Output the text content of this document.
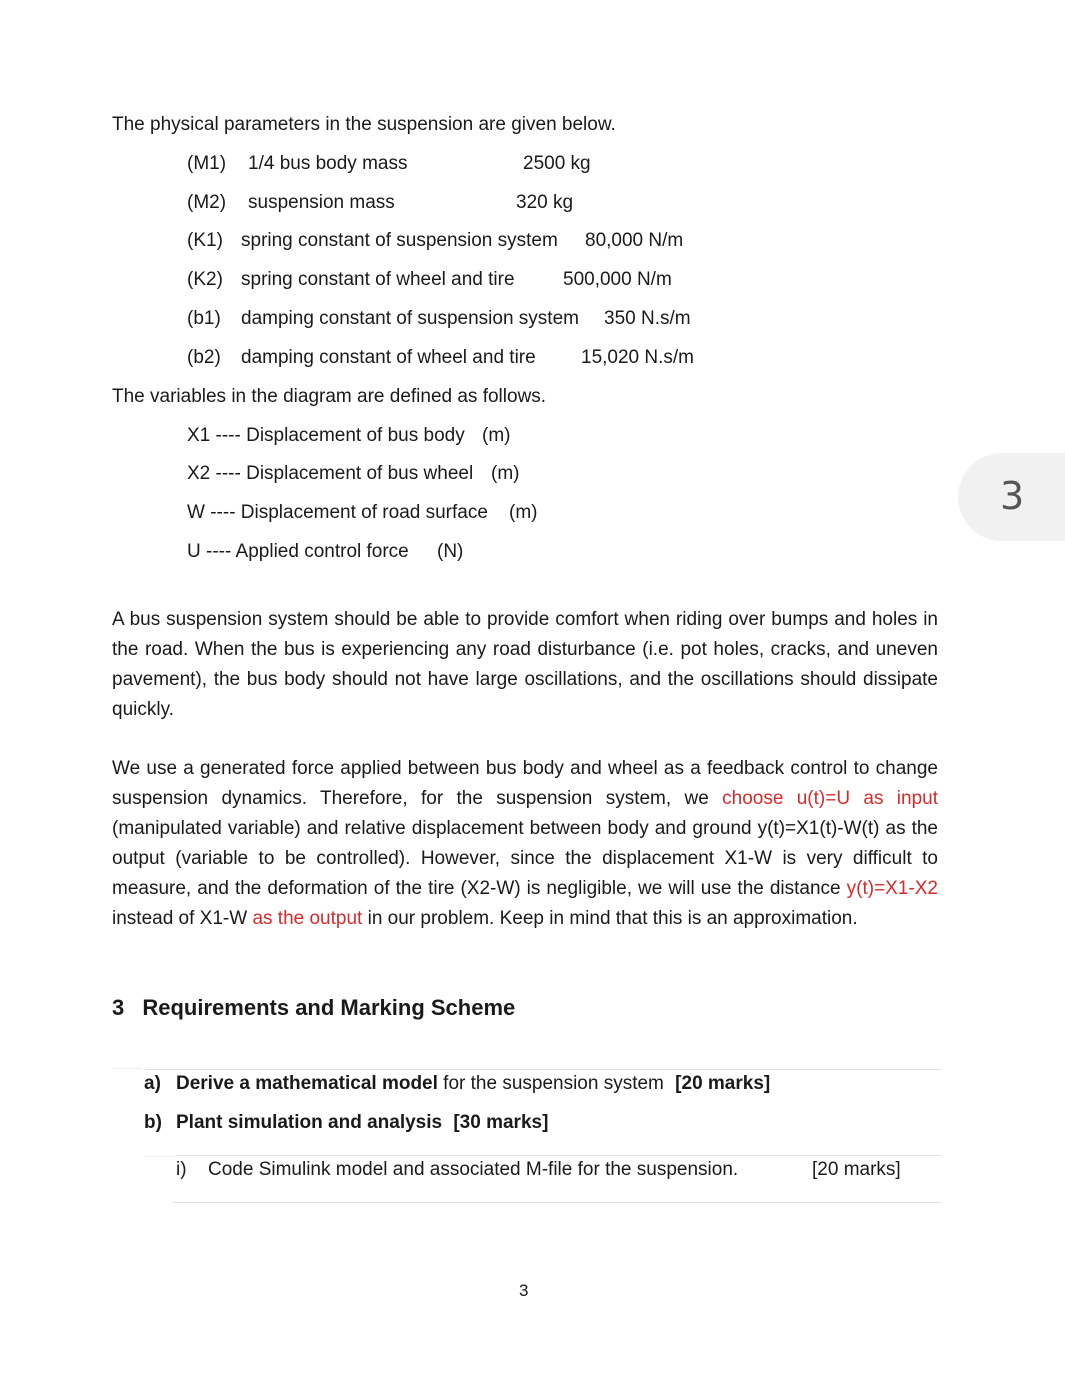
The physical parameters in the suspension are given below.
(M1) 1/4 bus body mass	2500 kg
(M2) suspension mass	320 kg
(K1) spring constant of suspension system 80,000 N/m
(K2) spring constant of wheel and tire	500,000 N/m
(b1) damping constant of suspension system 350 N.s/m
(b2) damping constant of wheel and tire 15,020 N.s/m
The variables in the diagram are defined as follows.
X1 ---- Displacement of bus body (m)
X2 ---- Displacement of bus wheel (m)
W ---- Displacement of road surface (m)
U ---- Applied control force (N)
3
A bus suspension system should be able to provide comfort when riding over bumps and holes in the road. When the bus is experiencing any road disturbance (i.e. pot holes, cracks, and uneven pavement), the bus body should not have large oscillations, and the oscillations should dissipate quickly.
We use a generated force applied between bus body and wheel as a feedback control to change suspension dynamics. Therefore, for the suspension system, we choose u(t)=U as input (manipulated variable) and relative displacement between body and ground y(t)=X1(t)-W(t) as the output (variable to be controlled). However, since the displacement X1-W is very difficult to measure, and the deformation of the tire (X2-W) is negligible, we will use the distance y(t)=X1-X2 instead of X1-W as the output in our problem. Keep in mind that this is an approximation.
3 Requirements and Marking Scheme
a) Derive a mathematical model for the suspension system [20 marks]
b) Plant simulation and analysis [30 marks]
i) Code Simulink model and associated M-file for the suspension.	[20 marks]
3
